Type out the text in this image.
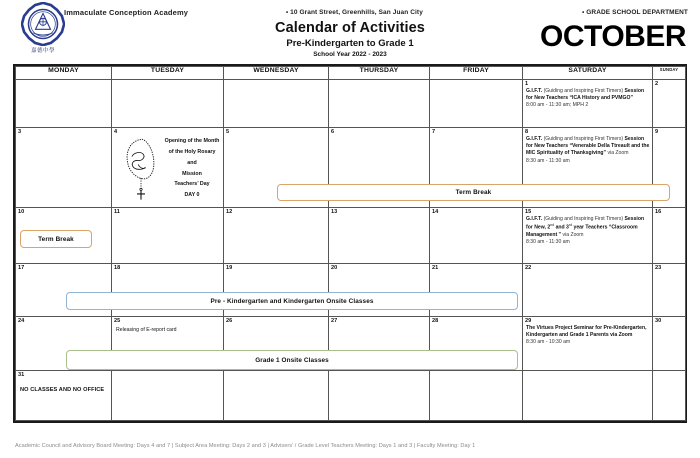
嘉德中學
Immaculate Conception Academy	• 10 Grant Street, Greenhills, San Juan City	• GRADE SCHOOL DEPARTMENT
Calendar of Activities
Pre-Kindergarten to Grade 1
School Year 2022 - 2023
OCTOBER
MONDAY	TUESDAY	WEDNESDAY	THURSDAY	FRIDAY	SATURDAY	SUNDAY

					1
G.I.F.T. (Guiding and Inspiring First Timers) Session for New Teachers “ICA History and PVMGO”
8:00 am - 11:30 am; MPH 2	2

3	4
Opening of the Month
of the Holy Rosary and
Mission
Teachers’ Day
DAY 0

5	6	7	8
G.I.F.T. (Guiding and Inspiring First Timers) Session for New Teachers “Venerable Della Ttreault and the MIC Spirituality of Thanksgiving” via Zoom
8:30 am - 11:30 am

9

10	11	12	13	14	15
G.I.F.T. (Guiding and Inspiring First Timers) Session for New, 2nd and 3rd year Teachers “Classroom Management ” via Zoom
8:30 am - 11:30 am	16

17	18	19	20	21	22	23

24	25
Releasing of E-report card	26	27	28	29
The Virtues Project Seminar for Pre-Kindergarten, Kindergarten and Grade 1 Parents via Zoom
8:30 am - 10:30 am	30

31
NO CLASSES AND NO OFFICE						

Term Break
Term Break
Pre - Kindergarten and Kindergarten Onsite Classes
Grade 1 Onsite Classes
Academic Council and Advisory Board Meeting: Days 4 and 7 | Subject Area Meeting: Days 2 and 3 | Advisers’ / Grade Level Teachers Meeting: Days 1 and 3 | Faculty Meeting: Day 1
